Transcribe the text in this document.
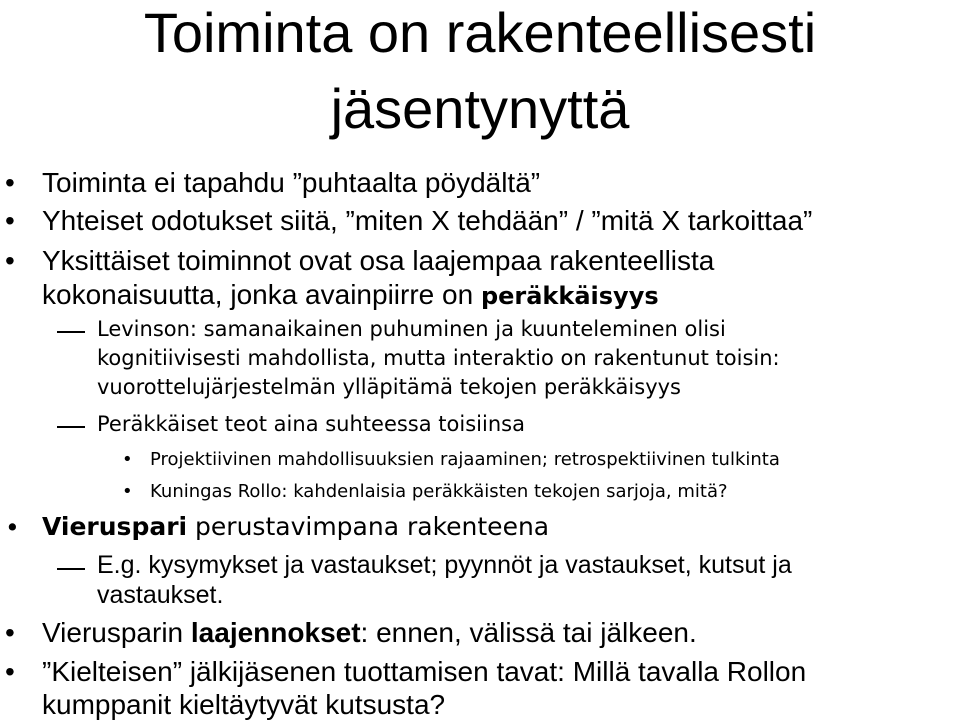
Toiminta on rakenteellisesti
jäsentynyttä
• Toiminta ei tapahdu ”puhtaalta pöydältä”
• Yhteiset odotukset siitä, ”miten X tehdään” / ”mitä X tarkoittaa”
• Yksittäiset toiminnot ovat osa laajempaa rakenteellista
kokonaisuutta, jonka avainpiirre on peräkkäisyys
Levinson: samanaikainen puhuminen ja kuunteleminen olisi
kognitiivisesti mahdollista, mutta interaktio on rakentunut toisin:
vuorottelujärjestelmän ylläpitämä tekojen peräkkäisyys
Peräkkäiset teot aina suhteessa toisiinsa
• Projektiivinen mahdollisuuksien rajaaminen; retrospektiivinen tulkinta
• Kuningas Rollo: kahdenlaisia peräkkäisten tekojen sarjoja, mitä?
• Vieruspari perustavimpana rakenteena
E.g. kysymykset ja vastaukset; pyynnöt ja vastaukset, kutsut ja
vastaukset.
• Vierusparin laajennokset: ennen, välissä tai jälkeen.
• ”Kielteisen” jälkijäsenen tuottamisen tavat: Millä tavalla Rollon
kumppanit kieltäytyvät kutsusta?
